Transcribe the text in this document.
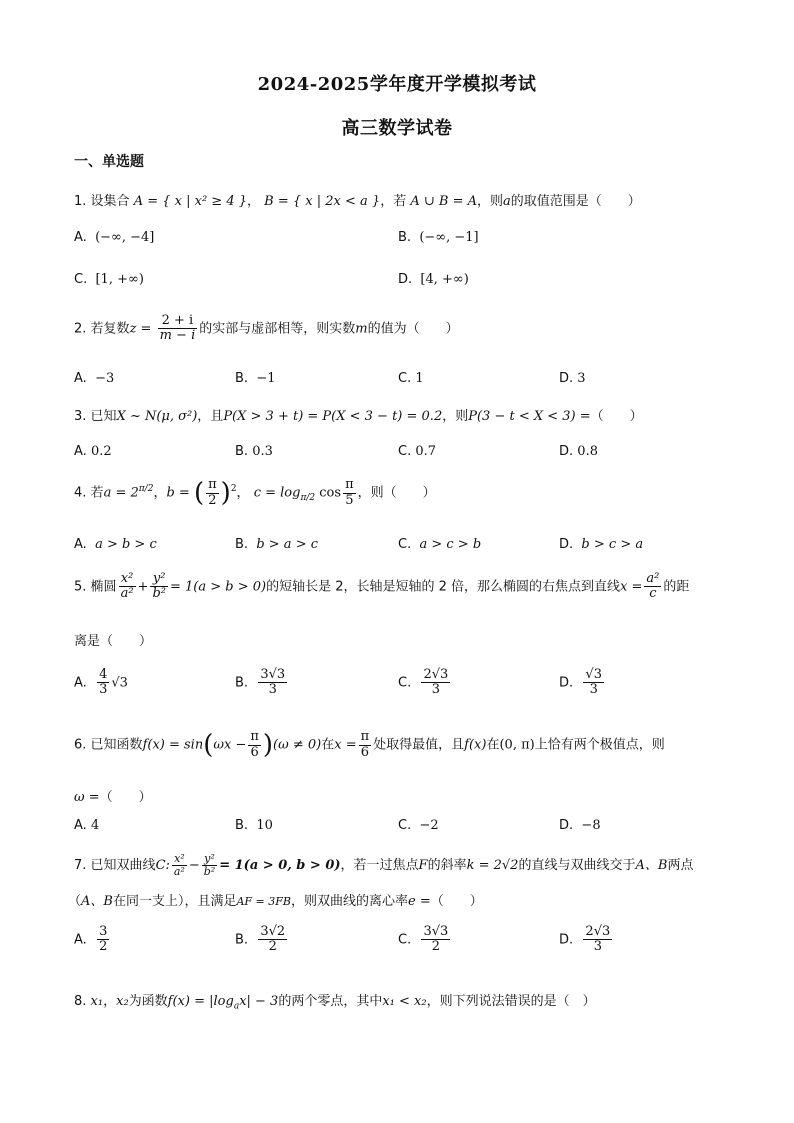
2024-2025学年度开学模拟考试
高三数学试卷
一、单选题
1. 设集合 A = { x | x² ≥ 4 }， B = { x | 2x < a }，若 A ∪ B = A，则a的取值范围是（　　）
A. (−∞, −4]	B. (−∞, −1]
C. [1, +∞)	D. [4, +∞)
2. 若复数$z = \frac{2 + i}{m - i}$ 的实部与虚部相等，则实数m的值为（　　）
A. −3	B. −1	C. 1	D. 3
3. 已知X ~ N(μ, σ²)，且P(X > 3 + t) = P(X < 3 − t) = 0.2，则P(3 − t < X < 3) =（　　）
A. 0.2	B. 0.3	C. 0.7	D. 0.8
4. 若$a = 2^{\pi/2}$，b = ( $\frac{\pi}{2} )^2$， $c = \log_{\pi/2} \cos \frac{\pi}{5}$ ，则（　　）
A. a > b > c	B. b > a > c	C. a > c > b	D. b > c > a
5. 椭圆 $\frac{\text{x²}}{\text{a²}} + \frac{\text{y²}}{\text{b²}} = 1(a > b > 0)$的短轴长是 2，长轴是短轴的 2 倍，那么椭圆的右焦点到直线$x = \frac{\text{a²}}{c}$ 的距
离是（　　）
A. $\frac{4}{3} √3$	B. $\frac{3√3}{3}$	C. $\frac{2√3}{3}$	D. $\frac{√3}{3}$
6. 已知函数$f(x) = \sin(\omega x - \frac{\pi}{6} )(\omega \ne 0)$在$x = \frac{\pi}{6}$ 处取得最值，且f(x)在(0, π)上恰有两个极值点，则
ω =（　　）
A. 4	B. 10	C. −2	D. −8
7. 已知双曲线C: $\frac{\text{x²}}{\text{a²}} - \frac{\text{y²}}{\text{b²}} = 1(a > 0$, b > 0)，若一过焦点F的斜率k = 2√2的直线与双曲线交于A、B两点
（A、B在同一支上），且满足AF = 3FB，则双曲线的离心率e =（　　）
A. $\frac{3}{2}$	B. $\frac{3√2}{2}$	C. $\frac{3√3}{2}$	D. $\frac{2√3}{3}$
8. x₁，x₂为函数$f(x) = |\log_ax| - 3$的两个零点，其中x₁ < x₂，则下列说法错误的是（　）
